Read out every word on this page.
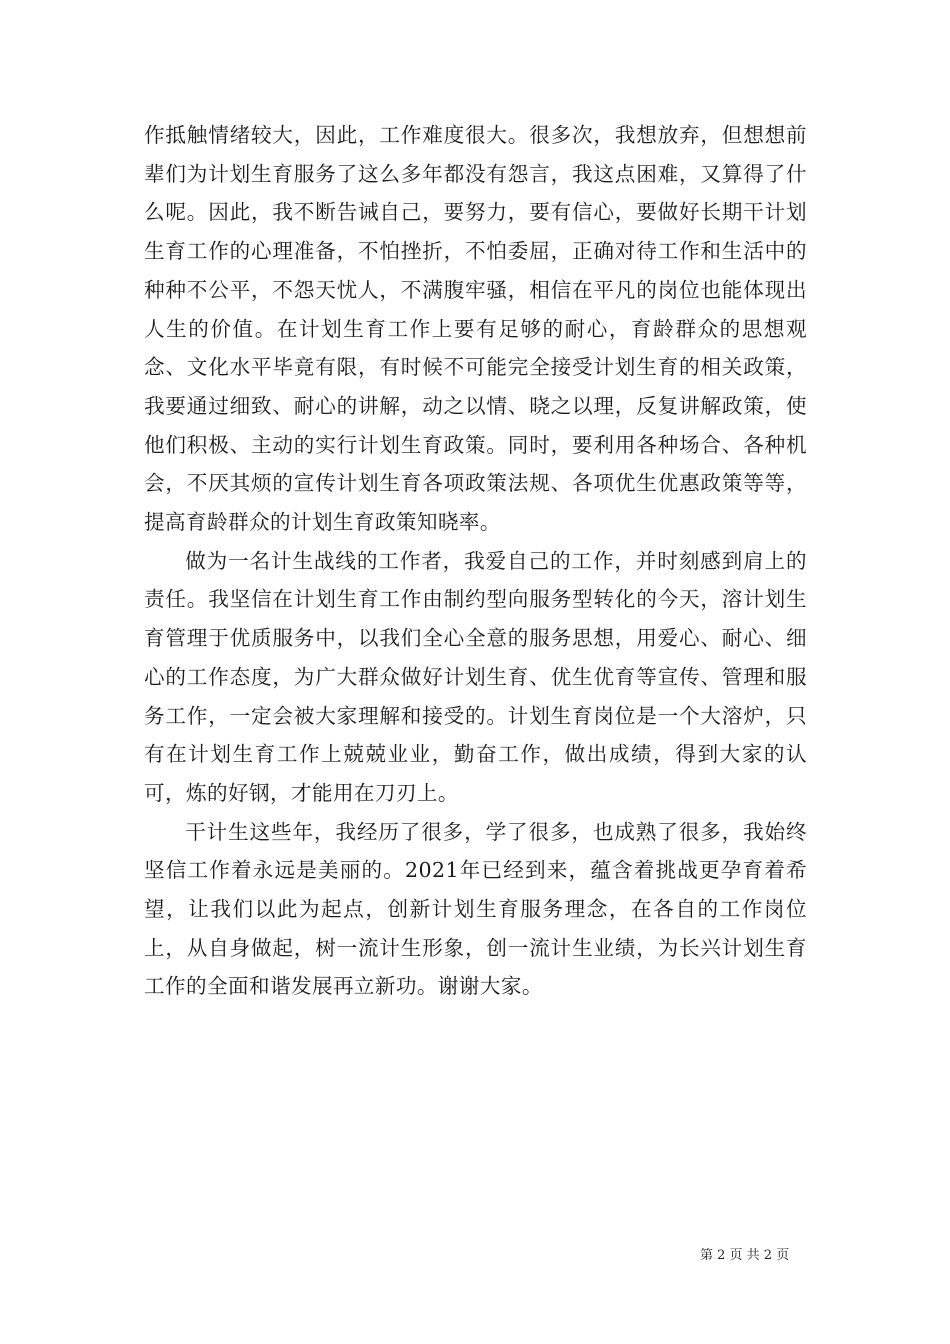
作抵触情绪较大，因此，工作难度很大。很多次，我想放弃，但想想前辈们为计划生育服务了这么多年都没有怨言，我这点困难，又算得了什么呢。因此，我不断告诫自己，要努力，要有信心，要做好长期干计划生育工作的心理准备，不怕挫折，不怕委屈，正确对待工作和生活中的种种不公平，不怨天忧人，不满腹牢骚，相信在平凡的岗位也能体现出人生的价值。在计划生育工作上要有足够的耐心，育龄群众的思想观念、文化水平毕竟有限，有时候不可能完全接受计划生育的相关政策，我要通过细致、耐心的讲解，动之以情、晓之以理，反复讲解政策，使他们积极、主动的实行计划生育政策。同时，要利用各种场合、各种机会，不厌其烦的宣传计划生育各项政策法规、各项优生优惠政策等等，提高育龄群众的计划生育政策知晓率。

做为一名计生战线的工作者，我爱自己的工作，并时刻感到肩上的责任。我坚信在计划生育工作由制约型向服务型转化的今天，溶计划生育管理于优质服务中，以我们全心全意的服务思想，用爱心、耐心、细心的工作态度，为广大群众做好计划生育、优生优育等宣传、管理和服务工作，一定会被大家理解和接受的。计划生育岗位是一个大溶炉，只有在计划生育工作上兢兢业业，勤奋工作，做出成绩，得到大家的认可，炼的好钢，才能用在刀刃上。

干计生这些年，我经历了很多，学了很多，也成熟了很多，我始终坚信工作着永远是美丽的。2021年已经到来，蕴含着挑战更孕育着希望，让我们以此为起点，创新计划生育服务理念，在各自的工作岗位上，从自身做起，树一流计生形象，创一流计生业绩，为长兴计划生育工作的全面和谐发展再立新功。谢谢大家。

第 2 页 共 2 页
